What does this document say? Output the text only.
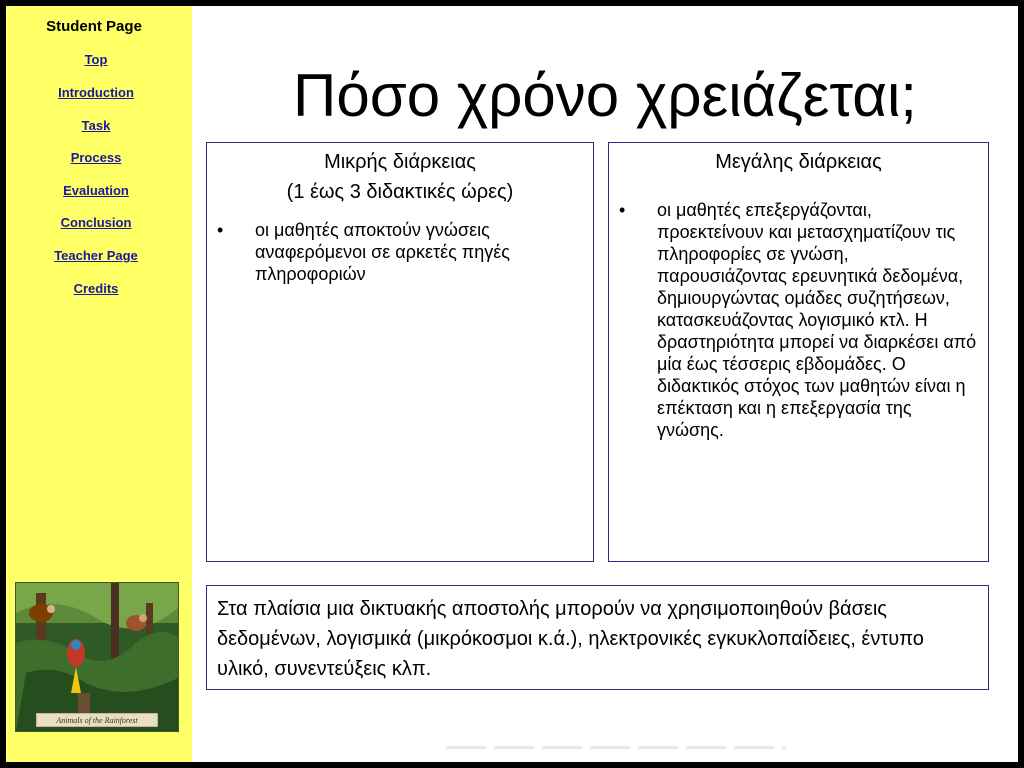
Student Page
Top
Introduction
Task
Process
Evaluation
Conclusion
Teacher Page
Credits
Animals of the Rainforest
Πόσο χρόνο χρειάζεται;
Μικρής διάρκειας
(1 έως 3 διδακτικές ώρες)
• οι μαθητές αποκτούν γνώσεις αναφερόμενοι σε αρκετές πηγές πληροφοριών
Μεγάλης διάρκειας
• οι μαθητές επεξεργάζονται, προεκτείνουν και μετασχηματίζουν τις πληροφορίες σε γνώση, παρουσιάζοντας ερευνητικά δεδομένα, δημιουργώντας ομάδες συζητήσεων, κατασκευάζοντας λογισμικό κτλ. Η δραστηριότητα μπορεί να διαρκέσει από μία έως τέσσερις εβδομάδες. Ο διδακτικός στόχος των μαθητών είναι η επέκταση και η επεξεργασία της γνώσης.
Στα πλαίσια μια δικτυακής αποστολής μπορούν να χρησιμοποιηθούν βάσεις δεδομένων, λογισμικά (μικρόκοσμοι κ.ά.), ηλεκτρονικές εγκυκλοπαίδειες, έντυπο υλικό, συνεντεύξεις κλπ.
